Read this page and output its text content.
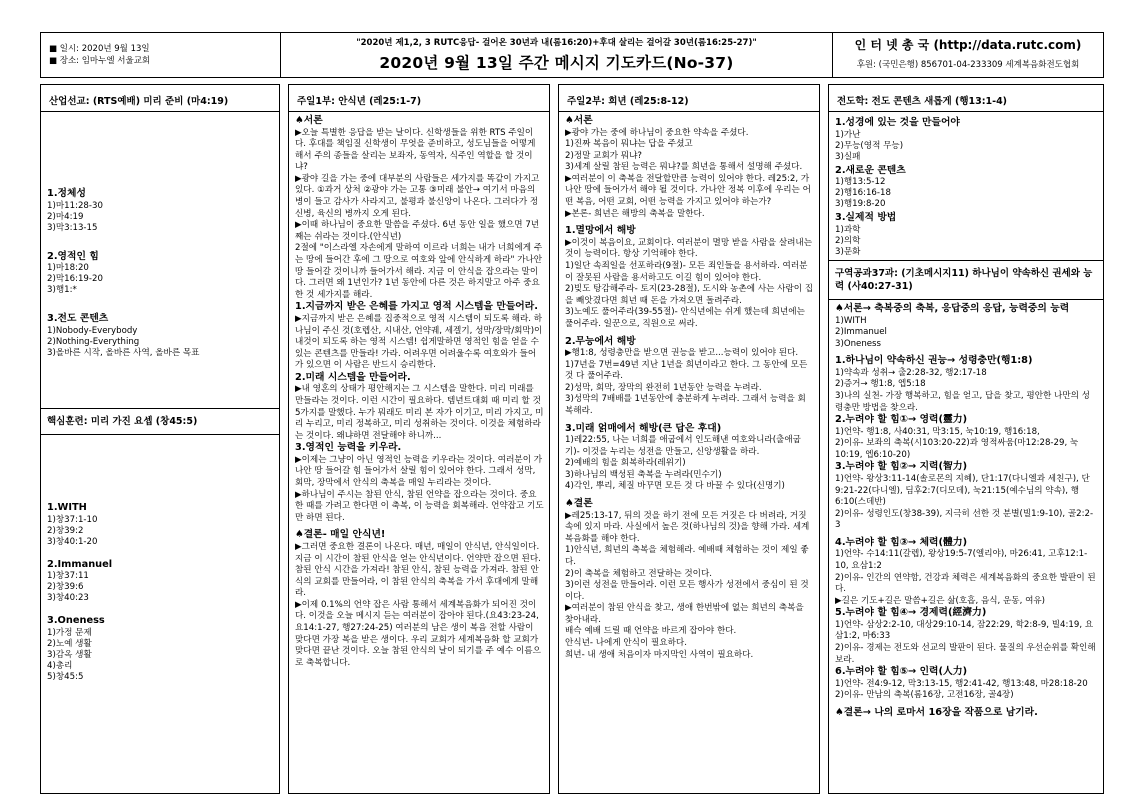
■ 일시: 2020년 9월 13일
■ 장소: 임마누엘 서울교회
"2020년 제1,2, 3 RUTC응답- 걸어온 30년과 내(롬16:20)+후대 살리는 걸어갈 30년(롬16:25-27)"
2020년 9월 13일 주간 메시지 기도카드(No-37)
인 터 넷 총 국 (http://data.rutc.com)
후원: (국민은행) 856701-04-233309 세계복음화전도협회
산업선교: (RTS예배) 미리 준비 (마4:19)
1.정체성
1)마11:28-30
2)마4:19
3)막3:13-15
2.영적인 힘
1)마18:20
2)막16:19-20
3)행1:*
3.전도 콘텐츠
1)Nobody-Everybody
2)Nothing-Everything
3)올바른 시작, 올바른 사역, 올바른 목표
핵심훈련: 미리 가진 요셉 (창45:5)
1.WITH
1)창37:1-10
2)창39:2
3)창40:1-20
2.Immanuel
1)창37:11
2)창39:6
3)창40:23
3.Oneness
1)가정 문제
2)노예 생활
3)감옥 생활
4)총리
5)창45:5
주일1부: 안식년 (레25:1-7)
♠서론
▶오늘 특별한 응답을 받는 날이다. 신학생들을 위한 RTS 주일이다. 후대를 책임질 신학생이 무엇을 준비하고, 성도님들을 어떻게 해서 주의 종들을 살리는 보좌자, 동역자, 식주인 역할을 할 것이냐?
▶광야 길을 가는 중에 대부분의 사람들은 세가지를 똑같이 가지고 있다. ①과거 상처 ②광야 가는 고통 ③미래 불안→ 여기서 마음의 병이 들고 감사가 사라지고, 불평과 불신앙이 나온다. 그러다가 정신병, 육신의 병까지 오게 된다.
▶이때 하나님이 중요한 말씀을 주셨다. 6년 동안 일을 했으면 7년째는 쉬라는 것이다.(안식년)
2절에 "이스라엘 자손에게 말하여 이르라 너희는 내가 너희에게 주는 땅에 들어간 후에 그 땅으로 여호와 앞에 안식하게 하라" 가나안 땅 들어갈 것이니까 들어가서 해라. 지금 이 안식을 잡으라는 말이다. 그러면 왜 1년인가? 1년 동안에 다른 것은 하지말고 아주 중요한 것 세가지를 해라.
1.지금까지 받은 은혜를 가지고 영적 시스템을 만들어라.
▶지금까지 받은 은혜를 집중적으로 영적 시스템이 되도록 해라. 하나님이 주신 것(호렙산, 시내산, 언약궤, 세겔기, 성막/장막/회막)이 내것이 되도록 하는 영적 시스템! 쉽게말하면 영적인 힘을 얻을 수 있는 콘텐츠를 만들라! 가라. 어려우면 어려울수록 여호와가 들어가 있으면 이 사람은 반드시 승리한다.
2.미래 시스템을 만들어라.
▶내 영혼의 상태가 평안해지는 그 시스템을 말한다. 미리 미래를 만들라는 것이다. 이런 시간이 필요하다. 템년트대회 때 미리 할 것 5가지를 말했다. 누가 뭐래도 미리 본 자가 이기고, 미리 가지고, 미리 누리고, 미리 정복하고, 미리 성취하는 것이다. 이것을 체험하라는 것이다. 왜냐하면 전달해야 하니까...
3.영적인 능력을 키우라.
▶이제는 그냥이 아닌 영적인 능력을 키우라는 것이다. 여러분이 가나안 땅 들어갈 힘 들어가서 살릴 힘이 있어야 한다. 그래서 성막, 회막, 장막에서 안식의 축복을 매일 누리라는 것이다.
▶하나님이 주시는 참된 안식, 참된 언약을 잡으라는 것이다. 중요한 때를 가려고 한다면 이 축복, 이 능력을 회복해라. 언약잡고 기도만 하면 된다.
♠결론- 매일 안식년!
▶그러면 중요한 결론이 나온다. 매년, 매일이 안식년, 안식일이다. 지금 이 시간이 참된 안식을 얻는 안식년이다. 언약만 잡으면 된다. 참된 안식 시간을 가져라! 참된 안식, 참된 능력을 가져라. 참된 안식의 교회를 만들어라, 이 참된 안식의 축복을 가서 후대에게 말해라.
▶이제 0.1%의 언약 잡은 사람 통해서 세계복음화가 되어진 것이다. 이것을 오늘 메시지 듣는 여러분이 잡아야 된다.(요43:23-24, 요14:1-27, 행27:24-25) 여러분의 남은 생이 복음 전할 사람이 맞다면 가장 복을 받은 생이다. 우리 교회가 세계복음화 할 교회가 맞다면 끝난 것이다. 오늘 참된 안식의 날이 되기를 주 예수 이름으로 축복합니다.
주일2부: 희년 (레25:8-12)
♠서론
▶광야 가는 중에 하나님이 중요한 약속을 주셨다.
1)진짜 복음이 뭐냐는 답을 주셨고
2)정말 교회가 뭐냐?
3)세계 살릴 참된 능력은 뭐냐?를 희년을 통해서 설명해 주셨다.
▶여러분이 이 축복을 전달할만큼 능력이 있어야 한다. 레25:2, 가나안 땅에 들어가서 해야 될 것이다. 가나안 정복 이후에 우리는 어떤 복음, 어떤 교회, 어떤 능력을 가지고 있어야 하는가?
▶본론- 희년은 해방의 축복을 말한다.
1.멸망에서 해방
▶이것이 복음이요, 교회이다. 여러분이 멸망 받을 사람을 살려내는 것이 능력이다. 항상 기억해야 한다.
1)일단 속죄일을 선포하라(9절)- 모든 죄인들을 용서하라. 여러분이 잘못된 사람을 용서하고도 이길 힘이 있어야 한다.
2)빚도 탕감해주라- 토지(23-28절), 도시와 농촌에 사는 사람이 집을 빼앗겼다면 희년 때 돈을 가져오면 돌려주라.
3)노예도 풀어주라(39-55절)- 안식년에는 쉬게 했는데 희년에는 풀어주라. 일꾼으로, 직원으로 써라.
2.무능에서 해방
▶행1:8, 성령충만을 받으면 권능을 받고...능력이 있어야 된다.
1)7년을 7번=49년 지난 1년을 희년이라고 한다. 그 동안에 모든 것 다 풀어주라.
2)성막, 회막, 장막의 완전히 1년동안 능력을 누려라.
3)성막의 7배배를 1년동안에 충분하게 누려라. 그래서 능력을 회복해라.
3.미래 얽매에서 해방(큰 답은 후대)
1)레22:55, 나는 너희를 애굽에서 인도해낸 여호와니라(출애굽기)- 이것을 누리는 성전을 만들고, 신앙생활을 하라.
2)예배의 힘을 회복하라(레위기)
3)하나님의 백성된 축복을 누려라(민수기)
4)각인, 뿌리, 체질 바꾸면 모든 것 다 바꿀 수 있다(신명기)
♠결론
▶레25:13-17, 뒤의 것을 하기 전에 모든 거짓은 다 버려라, 거짓 속에 있지 마라. 사실에서 높은 것(하나님의 것)을 향해 가라. 세계복음화를 해야 한다.
1)안식년, 희년의 축복을 체험해라. 예배때 체험하는 것이 제일 좋다.
2)이 축복을 체험하고 전달하는 것이다.
3)이런 성전을 만들어라. 이런 모든 행사가 성전에서 중심이 된 것이다.
▶여러분이 참된 안식을 찾고, 생애 한번밖에 없는 희년의 축복을 찾아내라.
배슥 예배 드릴 때 언약을 바르게 잡아야 한다.
안식년- 나에게 안식이 필요하다.
희년- 내 생애 처음이자 마지막인 사역이 필요하다.
전도학: 전도 콘텐츠 새롭게 (행13:1-4)
1.성경에 있는 것을 만들어야
1)가난
2)무능(영적 무능)
3)실패
2.새로운 콘텐츠
1)행13:5-12
2)행16:16-18
3)행19:8-20
3.실제적 방법
1)과학
2)의학
3)문화
구역공과37과: (기초메시지11) 하나님이 약속하신 권세와 능력 (사40:27-31)
♠서론→ 축복중의 축복, 응답중의 응답, 능력중의 능력
1)WITH
2)Immanuel
3)Oneness
1.하나님이 약속하신 권능→ 성령충만(행1:8)
1)약속과 성취→ 출2:28-32, 행2:17-18
2)증거→ 행1:8, 엡5:18
3)나의 실천- 가장 행복하고, 힘을 얻고, 답을 찾고, 평안한 나만의 성령충만 방법을 찾으라.
2.누려야 할 힘①→ 영력(靈力)
1)언약- 행1:8, 사40:31, 막3:15, 눅10:19, 행16:18,
2)이유- 보좌의 축복(시103:20-22)과 영적싸움(마12:28-29, 눅10:19, 엡6:10-20)
3.누려야 할 힘②→ 지력(智力)
1)언약- 왕상3:11-14(솔로몬의 지혜), 단1:17(다니엘과 세친구), 단9:21-22(다니엘), 딤후2:7(디모데), 눅21:15(예수님의 약속), 행6:10(스데반)
2)이유- 성령인도(창38-39), 지극히 선한 것 분별(빌1:9-10), 골2:2-3
4.누려야 할 힘③→ 체력(體力)
1)언약- 수14:11(갈렙), 왕상19:5-7(엘리야), 마26:41, 고후12:1-10, 요삼1:2
2)이유- 인간의 연약함, 건강과 체력은 세계복음화의 중요한 발판이 된다.
▶길은 기도+길은 말씀+길은 삶(호흡, 음식, 운동, 여유)
5.누려야 할 힘④→ 경제력(經濟力)
1)언약- 삼상2:2-10, 대상29:10-14, 잠22:29, 학2:8-9, 빌4:19, 요삼1:2, 마6:33
2)이유- 경제는 전도와 선교의 발판이 된다. 물질의 우선순위를 확인해보라.
6.누려야 할 힘⑤→ 인력(人力)
1)언약- 전4:9-12, 막3:13-15, 행2:41-42, 행13:48, 마28:18-20
2)이유- 만남의 축복(롬16장, 고전16장, 골4장)
♠결론→ 나의 로마서 16장을 작품으로 남기라.
